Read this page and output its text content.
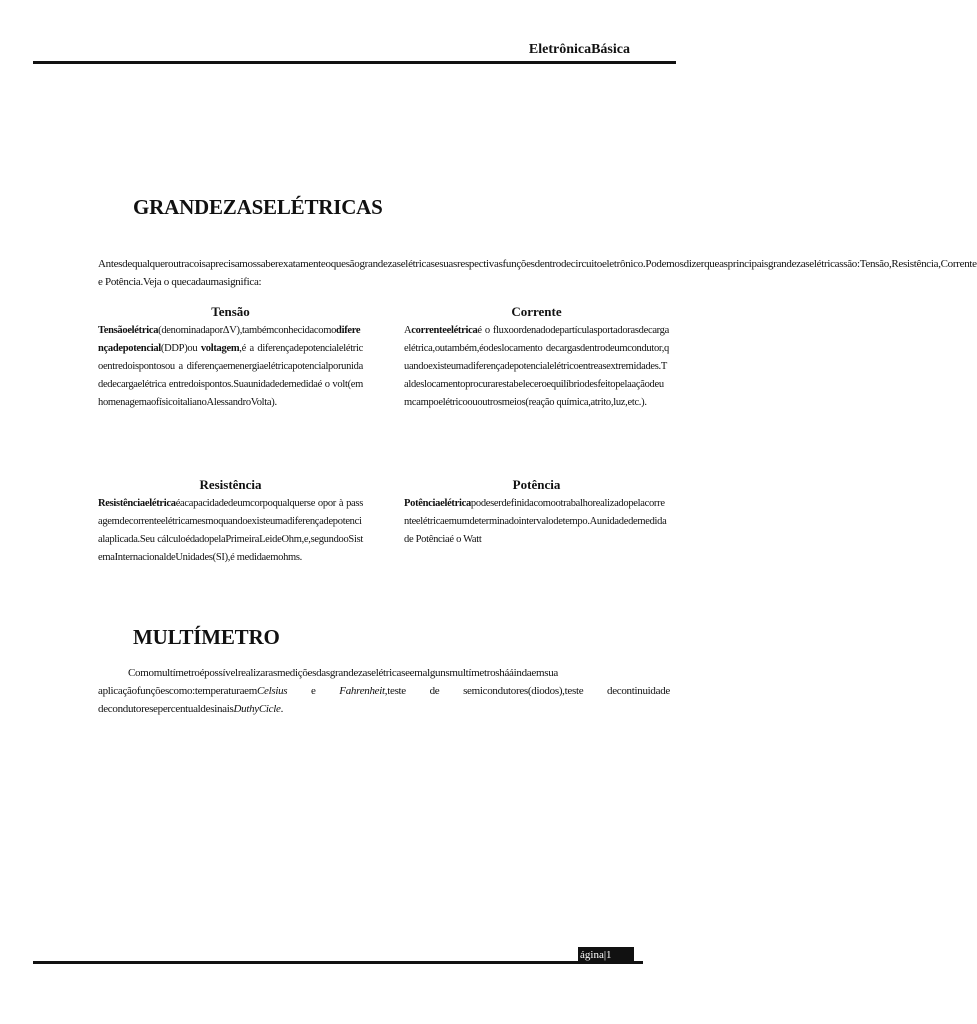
EletrônicaBásica
GRANDEZASELÉTRICAS
Antesdequalqueroutracoisaprecisamossaberexatamenteoquesãograndezaselétricasesuasrespectivasfunçõesdentrodecircuitoeletrônico.Podemosdizerqueasprincipaisgrandezaselétricassão:Tensão,Resistência,Corrente e Potência.Veja o quecadaumasignifica:
Tensão

Tensãoelétrica(denominadaporΔV),tambémconhecidacomodiferençadepotencial(DDP)ou voltagem,é a diferençadepotencialelétricoentredoispontosou a diferençaemenergiaelétricapotencialporunidadedecargaelétrica entredoispontos.Suaunidadedemedidaé o volt(emhomenagemaofísicoitalianoAlessandroVolta).

Corrente

Acorrenteelétricaé o fluxoordenadodepartículasportadorasdecargaelétrica,outambém,éodeslocamento decargasdentrodeumcondutor,quandoexisteumadiferençadepotencialelétricoentreasextremidades.Taldeslocamentoprocurarestabeleceroequilíbriodesfeitopelaaçãodeumcampoelétricoououtrosmeios(reação química,atrito,luz,etc.).

Resistência

Resistênciaelétricaéacapacidadedeumcorpoqualquerse opor à passagemdecorrenteelétricamesmoquandoexisteumadiferençadepotencialaplicada.Seu cálculoédadopelaPrimeiraLeideOhm,e,segundooSistemaInternacionaldeUnidades(SI),é medidaemohms.

Potência

Potênciaelétricapodeserdefinidacomootrabalhorealizadopelacorrenteelétricaemumdeterminadointervalodetempo.Aunidadedemedida de Potênciaé o Watt

MULTÍMETRO
Comomultímetroépossívelrealizarasmediçõesdasgrandezaselétricaseemalgunsmultímetroshááindaemsua aplicaçãofunçõescomo:temperaturaemCelsius e Fahrenheit,teste de semicondutores(diodos),teste decontinuidade decondutoresepercentualdesinaisDuthyCicle.
ágina|1
